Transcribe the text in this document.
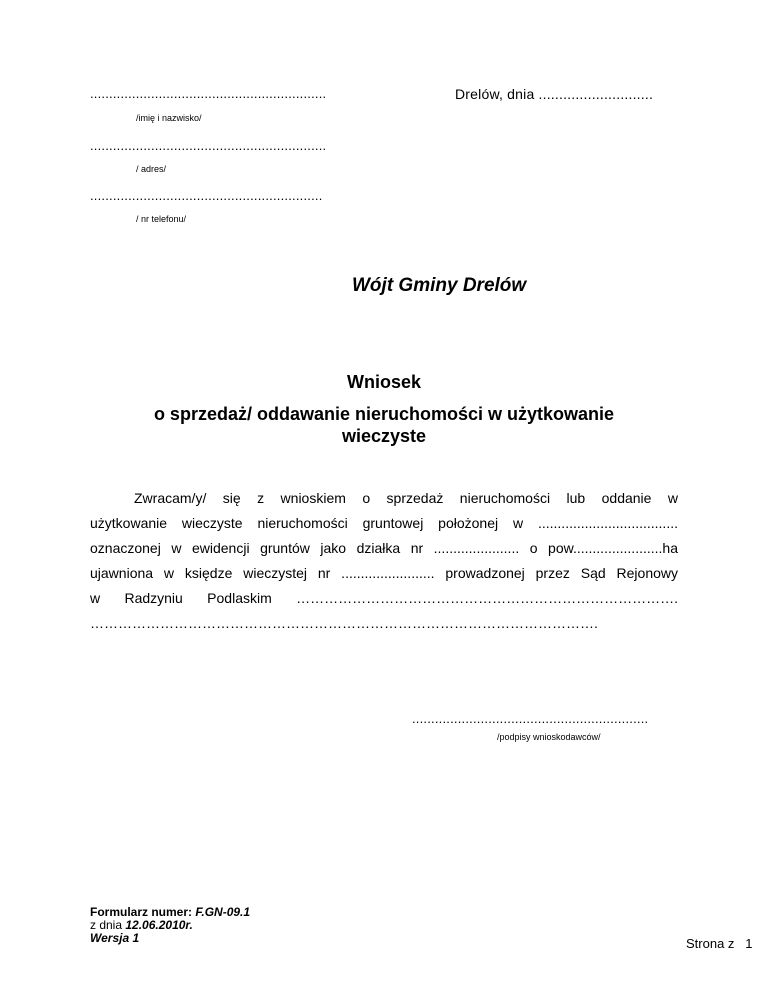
..............................................................
/imię i nazwisko/
..............................................................
/ adres/
.............................................................
/ nr telefonu/
Drelów, dnia ............................
Wójt Gminy Drelów
Wniosek
o sprzedaż/ oddawanie nieruchomości w użytkowanie
wieczyste
Zwracam/y/ się z wnioskiem o sprzedaż nieruchomości lub oddanie w
użytkowanie wieczyste nieruchomości gruntowej położonej w ....................................
oznaczonej w ewidencji gruntów jako działka nr ...................... o pow.......................ha
ujawniona w księdze wieczystej nr ........................ prowadzonej przez Sąd Rejonowy
w Radzyniu Podlaskim ……………………………………………………………………….
……………………………………………………………………………………………….
..............................................................
/podpisy wnioskodawców/
Formularz numer: F.GN-09.1
z dnia 12.06.2010r.
Wersja 1	Strona z 1
